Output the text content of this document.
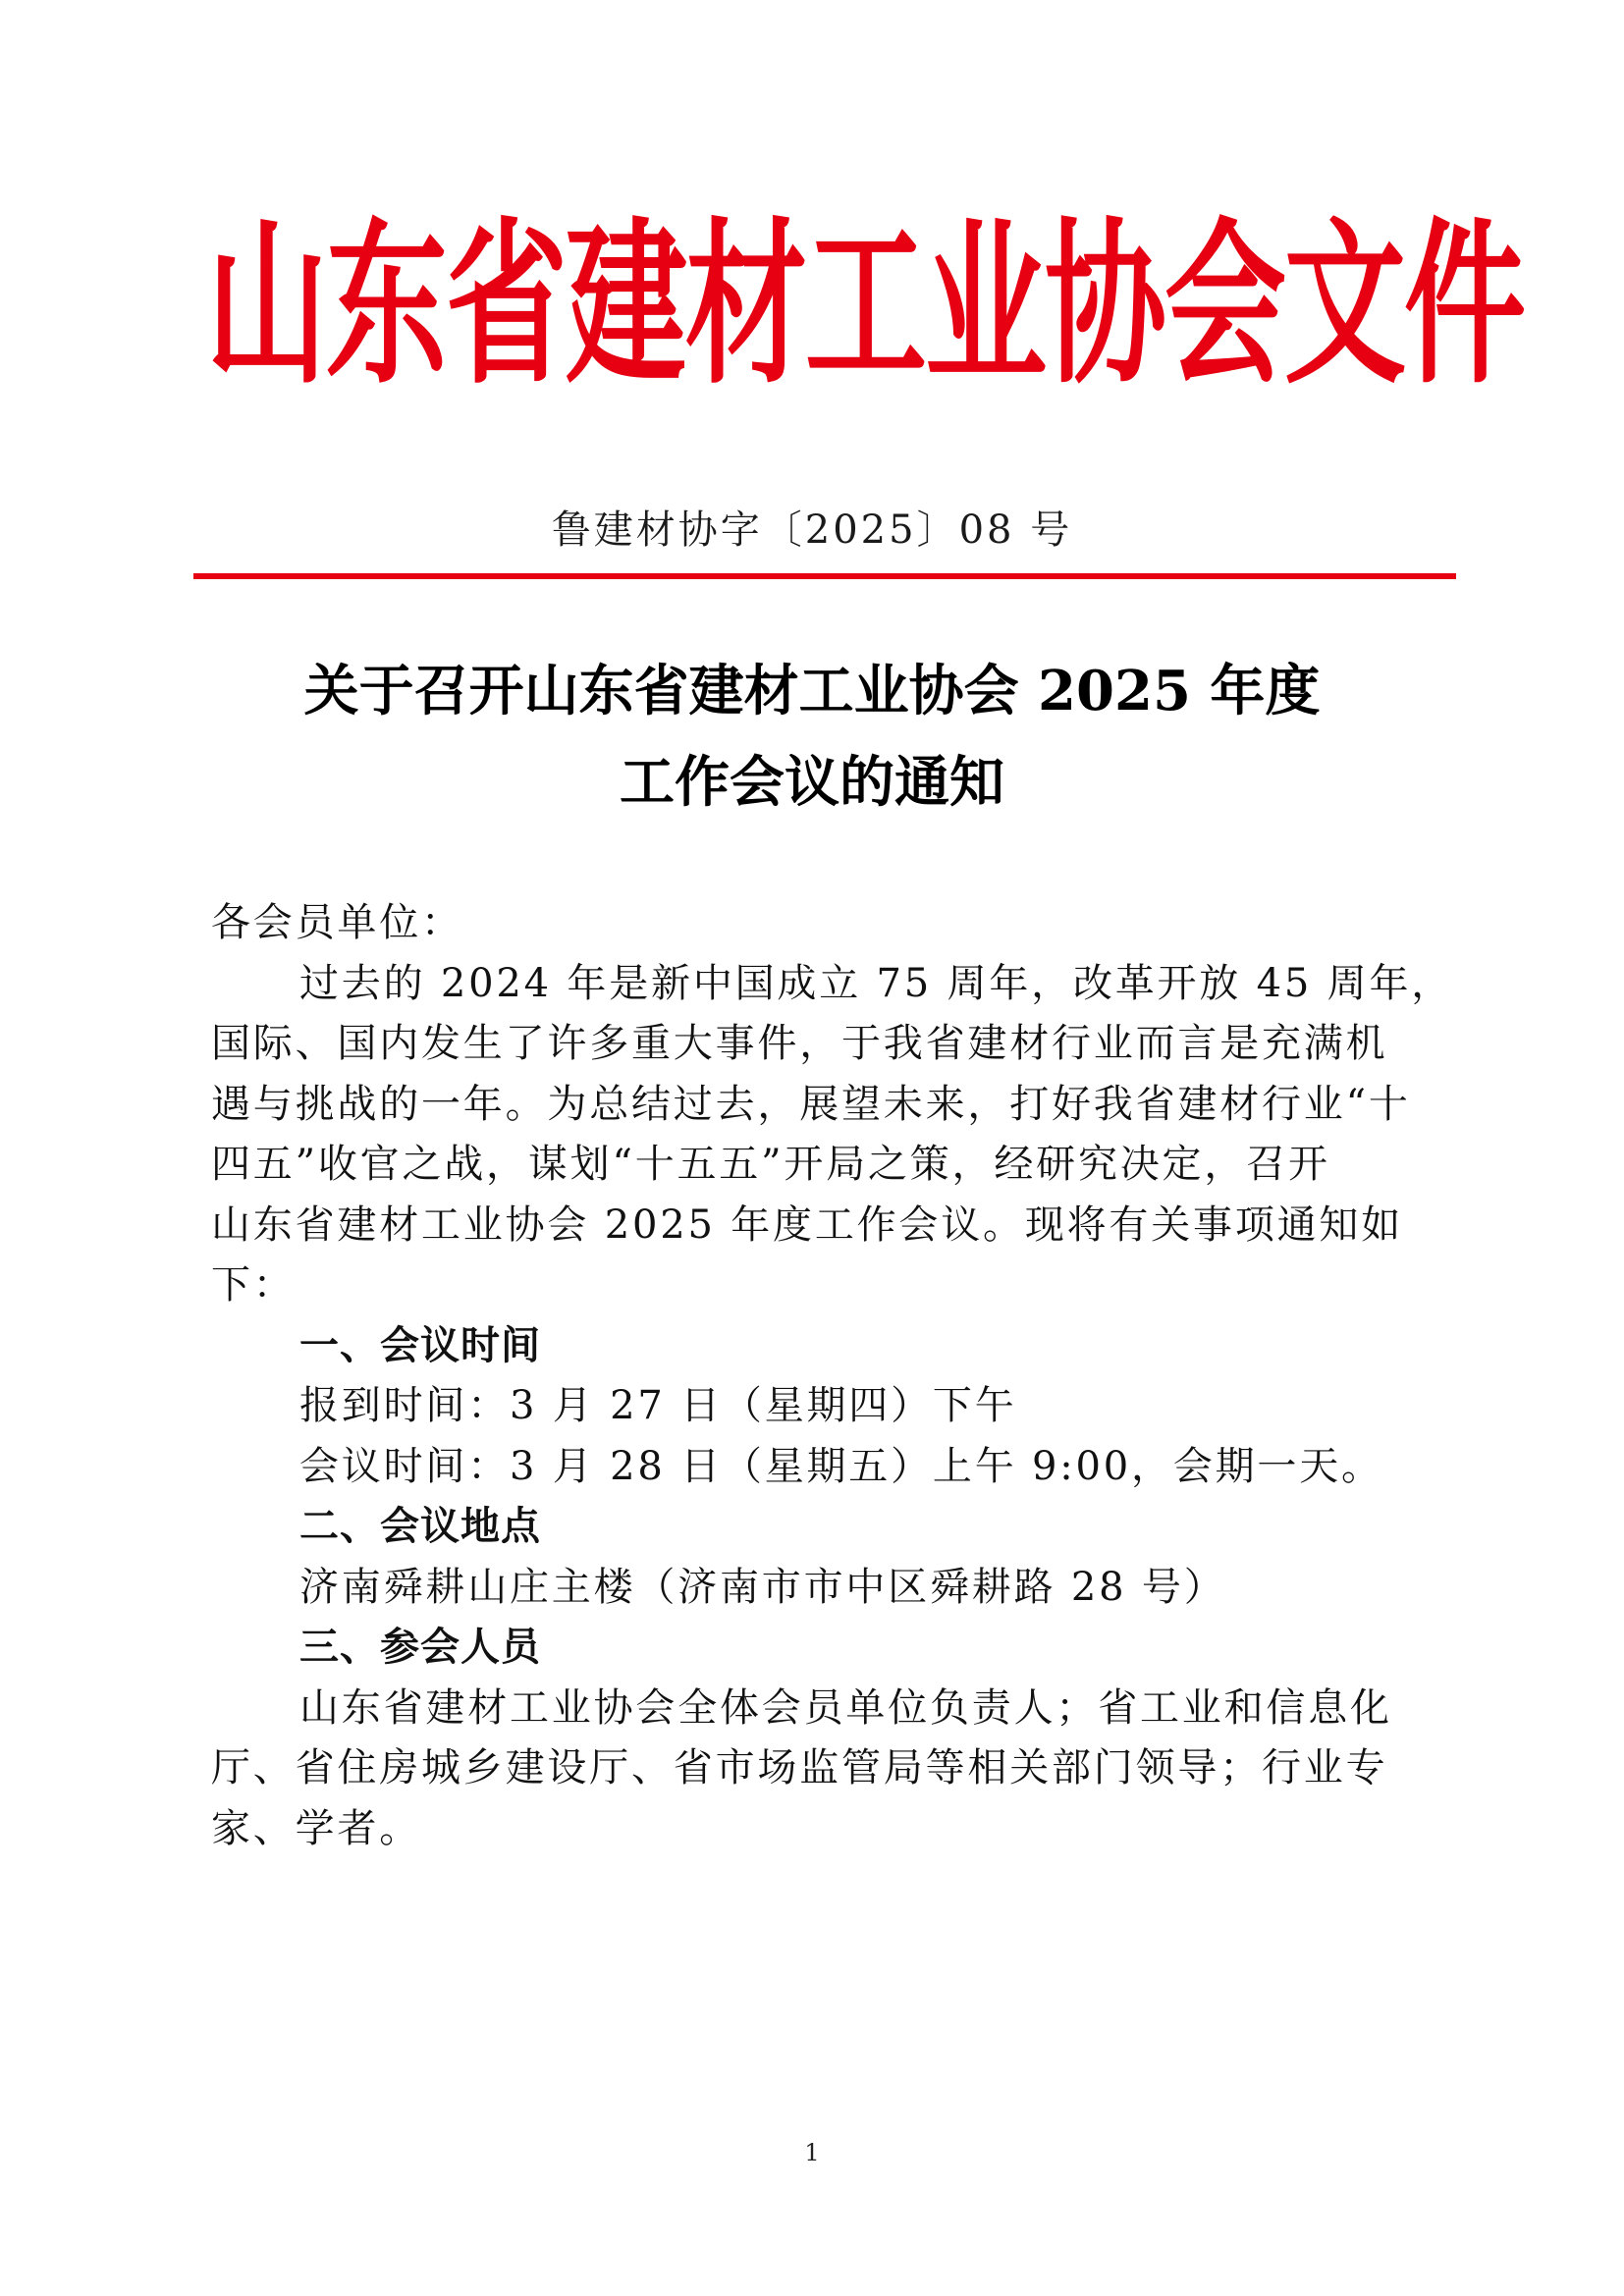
山东省建材工业协会文件
鲁建材协字〔2025〕08 号
关于召开山东省建材工业协会 2025 年度
工作会议的通知
各会员单位：
过去的 2024 年是新中国成立 75 周年，改革开放 45 周年，
国际、国内发生了许多重大事件，于我省建材行业而言是充满机
遇与挑战的一年。为总结过去，展望未来，打好我省建材行业“十
四五”收官之战，谋划“十五五”开局之策，经研究决定，召开
山东省建材工业协会 2025 年度工作会议。现将有关事项通知如
下：
一、会议时间
报到时间：3 月 27 日（星期四）下午
会议时间：3 月 28 日（星期五）上午 9:00，会期一天。
二、会议地点
济南舜耕山庄主楼（济南市市中区舜耕路 28 号）
三、参会人员
山东省建材工业协会全体会员单位负责人；省工业和信息化
厅、省住房城乡建设厅、省市场监管局等相关部门领导；行业专
家、学者。
1
